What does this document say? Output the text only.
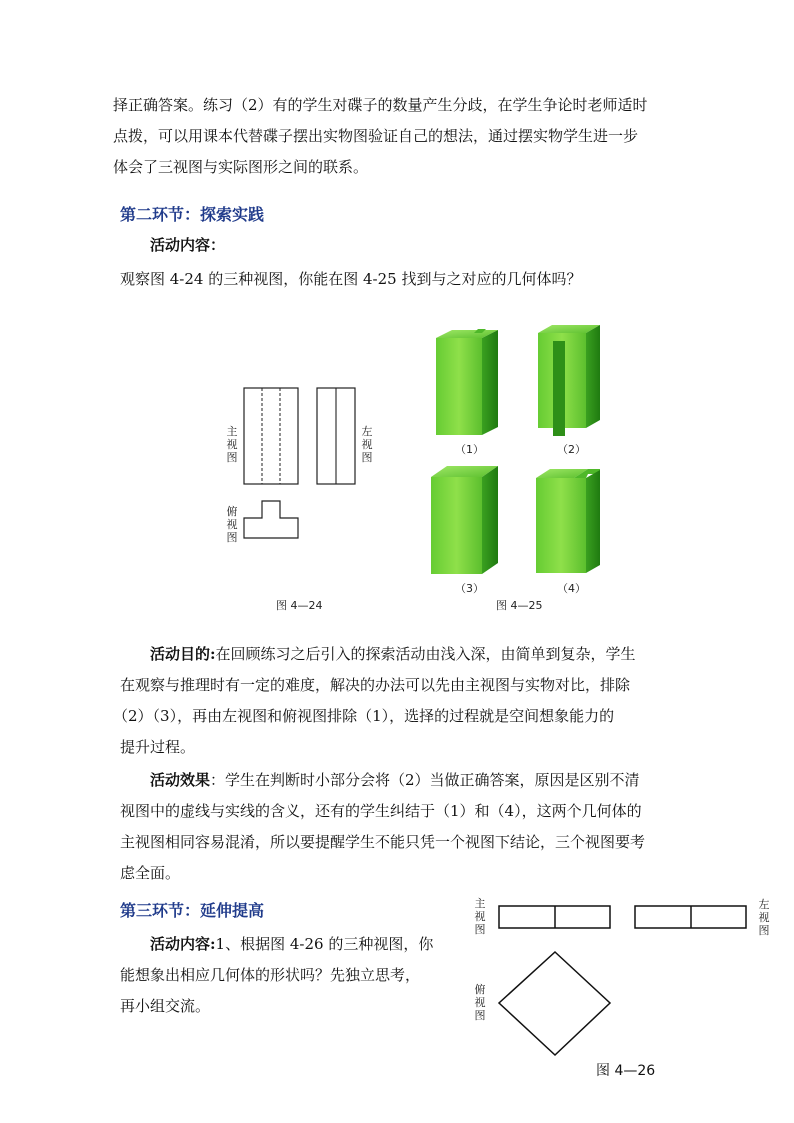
择正确答案。练习（2）有的学生对碟子的数量产生分歧，在学生争论时老师适时
点拨，可以用课本代替碟子摆出实物图验证自己的想法，通过摆实物学生进一步
体会了三视图与实际图形之间的联系。
第二环节：探索实践
活动内容：
观察图 4-24 的三种视图，你能在图 4-25 找到与之对应的几何体吗？
主视图
左视图
俯视图
图 4—24
（1）	（2）
（3）	（4）
图 4—25
活动目的:在回顾练习之后引入的探索活动由浅入深，由简单到复杂，学生
在观察与推理时有一定的难度，解决的办法可以先由主视图与实物对比，排除
（2）（3），再由左视图和俯视图排除（1），选择的过程就是空间想象能力的
提升过程。
活动效果：学生在判断时小部分会将（2）当做正确答案，原因是区别不清
视图中的虚线与实线的含义，还有的学生纠结于（1）和（4），这两个几何体的
主视图相同容易混淆，所以要提醒学生不能只凭一个视图下结论，三个视图要考
虑全面。
第三环节：延伸提高
活动内容:1、根据图 4-26 的三种视图，你
能想象出相应几何体的形状吗？先独立思考，
再小组交流。
主视图
左视图
俯视图
图 4—26
